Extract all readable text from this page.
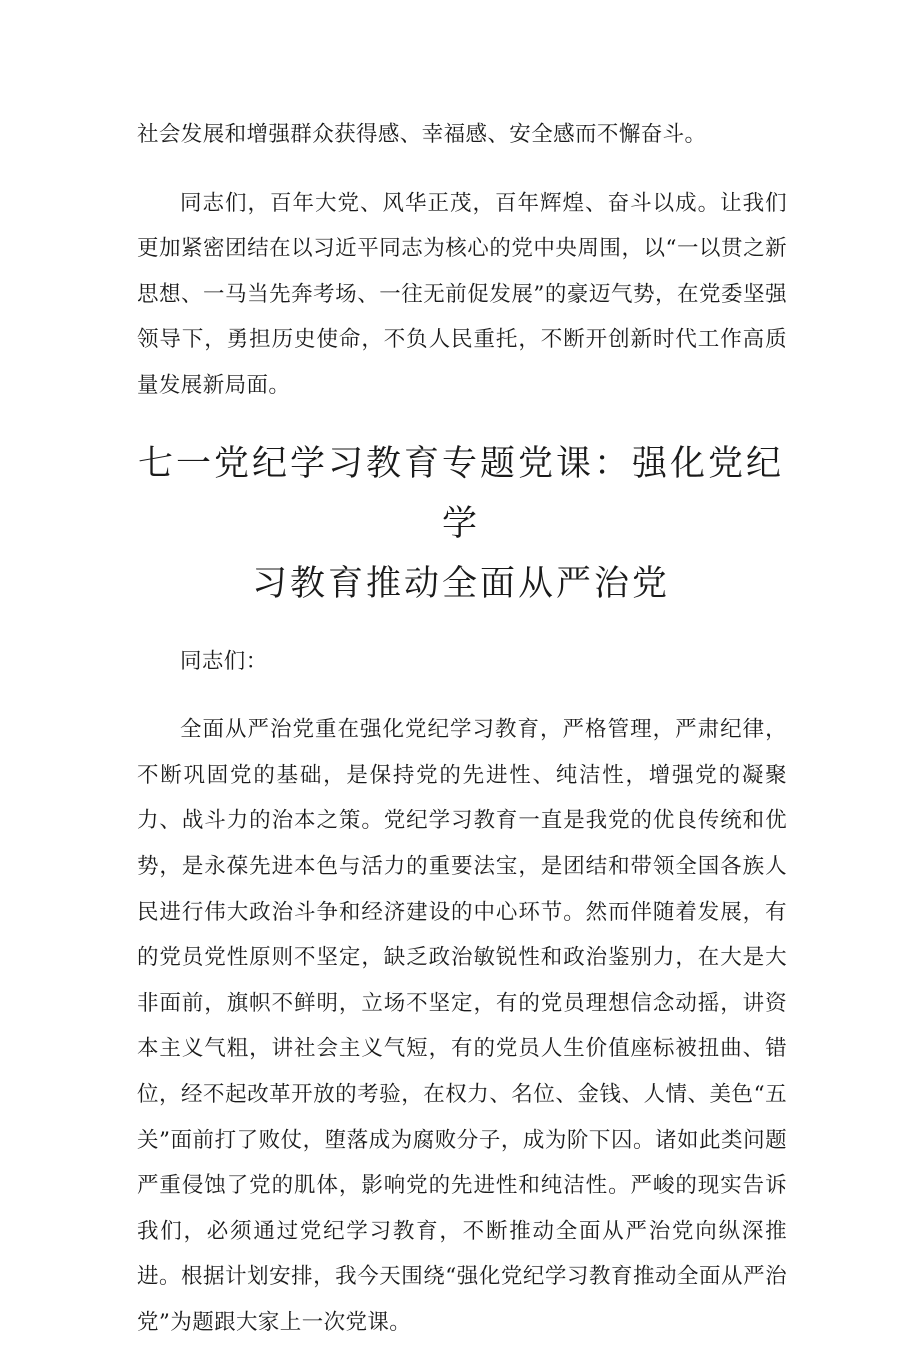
社会发展和增强群众获得感、幸福感、安全感而不懈奋斗。

同志们，百年大党、风华正茂，百年辉煌、奋斗以成。让我们更加紧密团结在以习近平同志为核心的党中央周围，以“一以贯之新思想、一马当先奔考场、一往无前促发展”的豪迈气势，在党委坚强领导下，勇担历史使命，不负人民重托，不断开创新时代工作高质量发展新局面。

七一党纪学习教育专题党课：强化党纪学
习教育推动全面从严治党

同志们：

全面从严治党重在强化党纪学习教育，严格管理，严肃纪律，不断巩固党的基础，是保持党的先进性、纯洁性，增强党的凝聚力、战斗力的治本之策。党纪学习教育一直是我党的优良传统和优势，是永葆先进本色与活力的重要法宝，是团结和带领全国各族人民进行伟大政治斗争和经济建设的中心环节。然而伴随着发展，有的党员党性原则不坚定，缺乏政治敏锐性和政治鉴别力，在大是大非面前，旗帜不鲜明，立场不坚定，有的党员理想信念动摇，讲资本主义气粗，讲社会主义气短，有的党员人生价值座标被扭曲、错位，经不起改革开放的考验，在权力、名位、金钱、人情、美色“五关”面前打了败仗，堕落成为腐败分子，成为阶下囚。诸如此类问题严重侵蚀了党的肌体，影响党的先进性和纯洁性。严峻的现实告诉我们，必须通过党纪学习教育，不断推动全面从严治党向纵深推进。根据计划安排，我今天围绕“强化党纪学习教育推动全面从严治党”为题跟大家上一次党课。
